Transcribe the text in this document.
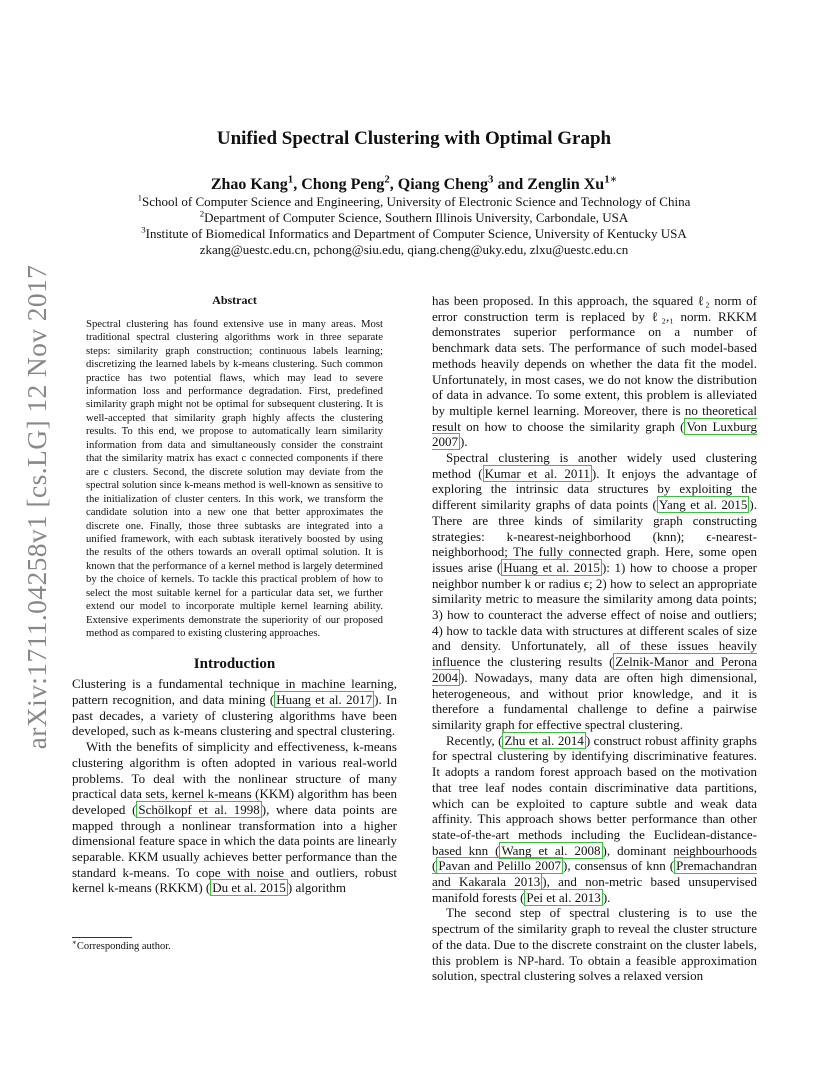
arXiv:1711.04258v1 [cs.LG] 12 Nov 2017
Unified Spectral Clustering with Optimal Graph
Zhao Kang$^1$, Chong Peng$^2$, Qiang Cheng$^3$ and Zenglin $Xu^{1∗}$
$^1$School of Computer Science and Engineering, University of Electronic Science and Technology of China
$^2$Department of Computer Science, Southern Illinois University, Carbondale, USA
$^3$Institute of Biomedical Informatics and Department of Computer Science, University of Kentucky USA
zkang@uestc.edu.cn, pchong@siu.edu, qiang.cheng@uky.edu, zlxu@uestc.edu.cn
Abstract
Spectral clustering has found extensive use in many areas. Most traditional spectral clustering algorithms work in three separate steps: similarity graph construction; continuous labels learning; discretizing the learned labels by k-means clustering. Such common practice has two potential flaws, which may lead to severe information loss and performance degradation. First, predefined similarity graph might not be optimal for subsequent clustering. It is well-accepted that similarity graph highly affects the clustering results. To this end, we propose to automatically learn similarity information from data and simultaneously consider the constraint that the similarity matrix has exact c connected components if there are c clusters. Second, the discrete solution may deviate from the spectral solution since k-means method is well-known as sensitive to the initialization of cluster centers. In this work, we transform the candidate solution into a new one that better approximates the discrete one. Finally, those three subtasks are integrated into a unified framework, with each subtask iteratively boosted by using the results of the others towards an overall optimal solution. It is known that the performance of a kernel method is largely determined by the choice of kernels. To tackle this practical problem of how to select the most suitable kernel for a particular data set, we further extend our model to incorporate multiple kernel learning ability. Extensive experiments demonstrate the superiority of our proposed method as compared to existing clustering approaches.
Introduction

Clustering is a fundamental technique in machine learning, pattern recognition, and data mining ( Huang et al. 2017 ). In past decades, a variety of clustering algorithms have been developed, such as k-means clustering and spectral clustering.

With the benefits of simplicity and effectiveness, k-means clustering algorithm is often adopted in various real-world problems. To deal with the nonlinear structure of many practical data sets, kernel k-means (KKM) algorithm has been developed ( Schölkopf et al. 1998 ), where data points are mapped through a nonlinear transformation into a higher dimensional feature space in which the data points are linearly separable. KKM usually achieves better performance than the standard k-means. To cope with noise and outliers, robust kernel k-means (RKKM) ( Du et al. 2015 ) algorithm

has been proposed. In this approach, the squared ℓ₂ norm of error construction term is replaced by ℓ₂,₁ norm. RKKM demonstrates superior performance on a number of benchmark data sets. The performance of such model-based methods heavily depends on whether the data fit the model. Unfortunately, in most cases, we do not know the distribution of data in advance. To some extent, this problem is alleviated by multiple kernel learning. Moreover, there is no theoretical result on how to choose the similarity graph ( Von Luxburg 2007 ).

Spectral clustering is another widely used clustering method ( Kumar et al. 2011 ). It enjoys the advantage of exploring the intrinsic data structures by exploiting the different similarity graphs of data points ( Yang et al. 2015 ). There are three kinds of similarity graph constructing strategies: k-nearest-neighborhood (knn); ϵ-nearest-neighborhood; The fully connected graph. Here, some open issues arise ( Huang et al. 2015 ): 1) how to choose a proper neighbor number k or radius ϵ; 2) how to select an appropriate similarity metric to measure the similarity among data points; 3) how to counteract the adverse effect of noise and outliers; 4) how to tackle data with structures at different scales of size and density. Unfortunately, all of these issues heavily influence the clustering results ( Zelnik-Manor and Perona 2004 ). Nowadays, many data are often high dimensional, heterogeneous, and without prior knowledge, and it is therefore a fundamental challenge to define a pairwise similarity graph for effective spectral clustering.

Recently, ( Zhu et al. 2014 ) construct robust affinity graphs for spectral clustering by identifying discriminative features. It adopts a random forest approach based on the motivation that tree leaf nodes contain discriminative data partitions, which can be exploited to capture subtle and weak data affinity. This approach shows better performance than other state-of-the-art methods including the Euclidean-distance-based knn ( Wang et al. 2008 ), dominant neighbourhoods ( Pavan and Pelillo 2007 ), consensus of knn ( Premachandran and Kakarala 2013 ), and non-metric based unsupervised manifold forests ( Pei et al. 2013 ).

The second step of spectral clustering is to use the spectrum of the similarity graph to reveal the cluster structure of the data. Due to the discrete constraint on the cluster labels, this problem is NP-hard. To obtain a feasible approximation solution, spectral clustering solves a relaxed version

∗Corresponding author.
